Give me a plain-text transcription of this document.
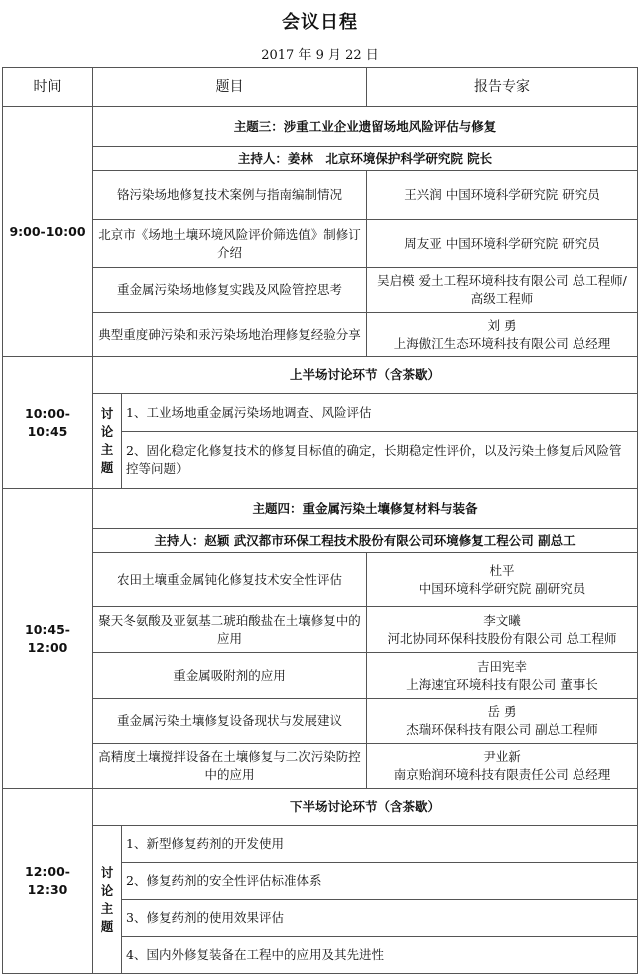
会议日程
2017 年 9 月 22 日
时间	题目		报告专家
9:00-10:00	主题三：涉重工业企业遗留场地风险评估与修复		
	主持人：姜林　北京环境保护科学研究院 院长		
	铬污染场地修复技术案例与指南编制情况		王兴润 中国环境科学研究院 研究员
	北京市《场地土壤环境风险评价筛选值》制修订介绍		周友亚 中国环境科学研究院 研究员
	重金属污染场地修复实践及风险管控思考		吴启模 爱土工程环境科技有限公司 总工程师/高级工程师
	典型重度砷污染和汞污染场地治理修复经验分享		刘 勇
上海傲江生态环境科技有限公司 总经理

10:00-10:45	上半场讨论环节（含茶歇）		
	讨论主题	1、工业场地重金属污染场地调查、风险评估	
		2、固化稳定化修复技术的修复目标值的确定，长期稳定性评价，以及污染土修复后风险管控等问题）	
10:45-12:00	主题四：重金属污染土壤修复材料与装备		
	主持人：赵颖 武汉都市环保工程技术股份有限公司环境修复工程公司 副总工		
	农田土壤重金属钝化修复技术安全性评估		杜平
中国环境科学研究院 副研究员

	聚天冬氨酸及亚氨基二琥珀酸盐在土壤修复中的应用		李文曦
河北协同环保科技股份有限公司 总工程师

	重金属吸附剂的应用		吉田宪幸
上海速宜环境科技有限公司 董事长

	重金属污染土壤修复设备现状与发展建议		岳 勇
杰瑞环保科技有限公司 副总工程师

	高精度土壤搅拌设备在土壤修复与二次污染防控中的应用		尹业新
南京贻润环境科技有限责任公司 总经理

12:00-12:30	下半场讨论环节（含茶歇）		
	讨论主题	1、新型修复药剂的开发使用	
		2、修复药剂的安全性评估标准体系	
		3、修复药剂的使用效果评估	
		4、国内外修复装备在工程中的应用及其先进性	
